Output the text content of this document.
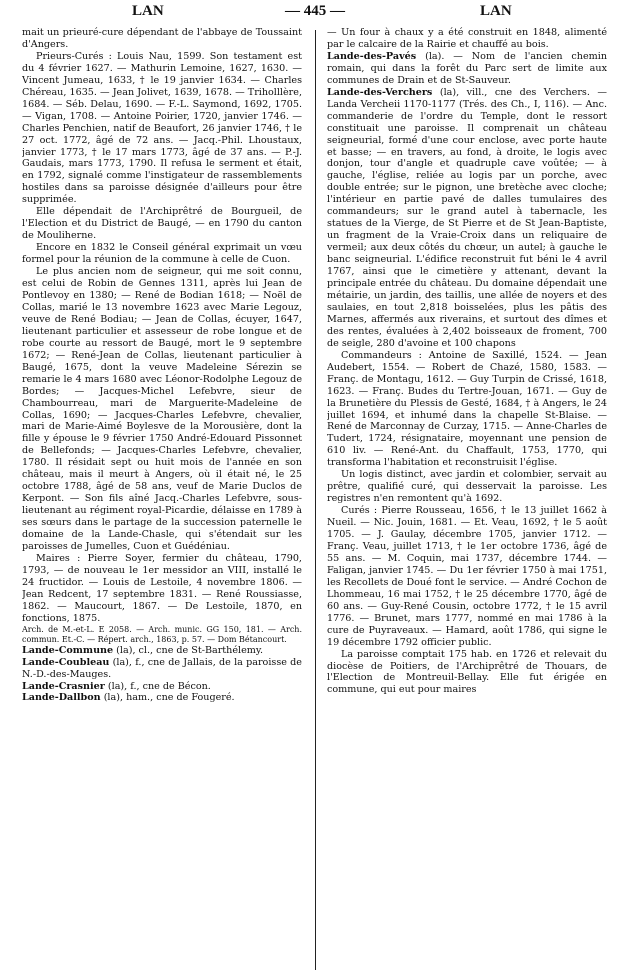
LAN	— 445 —	LAN

mait un prieuré-cure dépendant de l'abbaye de Toussaint d'Angers.

Prieurs-Curés : Louis Nau, 1599. Son testament est du 4 février 1627. — Mathurin Lemoine, 1627, 1630. — Vincent Jumeau, 1633, † le 19 janvier 1634. — Charles Chéreau, 1635. — Jean Jolivet, 1639, 1678. — Triholllère, 1684. — Séb. Delau, 1690. — F.-L. Saymond, 1692, 1705. — Vigan, 1708. — Antoine Poirier, 1720, janvier 1746. — Charles Penchien, natif de Beaufort, 26 janvier 1746, † le 27 oct. 1772, âgé de 72 ans. — Jacq.-Phil. Lhoustaux, janvier 1773, † le 17 mars 1773, âgé de 37 ans. — P.-J. Gaudais, mars 1773, 1790. Il refusa le serment et était, en 1792, signalé comme l'instigateur de rassemblements hostiles dans sa paroisse désignée d'ailleurs pour être supprimée.

Elle dépendait de l'Archiprêtré de Bourgueil, de l'Election et du District de Baugé, — en 1790 du canton de Mouliherne.

Encore en 1832 le Conseil général exprimait un vœu formel pour la réunion de la commune à celle de Cuon.

Le plus ancien nom de seigneur, qui me soit connu, est celui de Robin de Gennes 1311, après lui Jean de Pontlevoy en 1380; — René de Bodian 1618; — Noël de Collas, marié le 13 novembre 1623 avec Marie Legouz, veuve de René Bodiau; — Jean de Collas, écuyer, 1647, lieutenant particulier et assesseur de robe longue et de robe courte au ressort de Baugé, mort le 9 septembre 1672; — René-Jean de Collas, lieutenant particulier à Baugé, 1675, dont la veuve Madeleine Sérezin se remarie le 4 mars 1680 avec Léonor-Rodolphe Legouz de Bordes; — Jacques-Michel Lefebvre, sieur de Chambourreau, mari de Marguerite-Madeleine de Collas, 1690; — Jacques-Charles Lefebvre, chevalier, mari de Marie-Aimé Boylesve de la Morousière, dont la fille y épouse le 9 février 1750 André-Edouard Pissonnet de Bellefonds; — Jacques-Charles Lefebvre, chevalier, 1780. Il résidait sept ou huit mois de l'année en son château, mais il meurt à Angers, où il était né, le 25 octobre 1788, âgé de 58 ans, veuf de Marie Duclos de Kerpont. — Son fils aîné Jacq.-Charles Lefebvre, sous-lieutenant au régiment royal-Picardie, délaisse en 1789 à ses sœurs dans le partage de la succession paternelle le domaine de la Lande-Chasle, qui s'étendait sur les paroisses de Jumelles, Cuon et Guédéniau.

Maires : Pierre Soyer, fermier du château, 1790, 1793, — de nouveau le 1er messidor an VIII, installé le 24 fructidor. — Louis de Lestoile, 4 novembre 1806. — Jean Redcent, 17 septembre 1831. — René Roussiasse, 1862. — Maucourt, 1867. — De Lestoile, 1870, en fonctions, 1875.

Arch. de M.-et-L. E 2058. — Arch. munic. GG 150, 181. — Arch. commun. Et.-C. — Répert. arch., 1863, p. 57. — Dom Bétancourt.

Lande-Commune (la), cl., cne de St-Barthélemy.

Lande-Coubleau (la), f., cne de Jallais, de la paroisse de N.-D.-des-Mauges.

Lande-Crasnier (la), f., cne de Bécon.

Lande-Dallbon (la), ham., cne de Fougeré.

— Un four à chaux y a été construit en 1848, alimenté par le calcaire de la Rairie et chauffé au bois.

Lande-des-Pavés (la). — Nom de l'ancien chemin romain, qui dans la forêt du Parc sert de limite aux communes de Drain et de St-Sauveur.

Lande-des-Verchers (la), vill., cne des Verchers. — Landa Vercheii 1170-1177 (Trés. des Ch., I, 116). — Anc. commanderie de l'ordre du Temple, dont le ressort constituait une paroisse. Il comprenait un château seigneurial, formé d'une cour enclose, avec porte haute et basse; — en travers, au fond, à droite, le logis avec donjon, tour d'angle et quadruple cave voûtée; — à gauche, l'église, reliée au logis par un porche, avec double entrée; sur le pignon, une bretèche avec cloche; l'intérieur en partie pavé de dalles tumulaires des commandeurs; sur le grand autel à tabernacle, les statues de la Vierge, de St Pierre et de St Jean-Baptiste, un fragment de la Vraie-Croix dans un reliquaire de vermeil; aux deux côtés du chœur, un autel; à gauche le banc seigneurial. L'édifice reconstruit fut béni le 4 avril 1767, ainsi que le cimetière y attenant, devant la principale entrée du château. Du domaine dépendait une métairie, un jardin, des taillis, une allée de noyers et des saulaies, en tout 2,818 boisselées, plus les pâtis des Marnes, affermés aux riverains, et surtout des dîmes et des rentes, évaluées à 2,402 boisseaux de froment, 700 de seigle, 280 d'avoine et 100 chapons

Commandeurs : Antoine de Saxillé, 1524. — Jean Audebert, 1554. — Robert de Chazé, 1580, 1583. — Franç. de Montagu, 1612. — Guy Turpin de Crissé, 1618, 1623. — Franç. Budes du Tertre-Jouan, 1671. — Guy de la Brunetière du Plessis de Gesté, 1684, † à Angers, le 24 juillet 1694, et inhumé dans la chapelle St-Blaise. — René de Marconnay de Curzay, 1715. — Anne-Charles de Tudert, 1724, résignataire, moyennant une pension de 610 liv. — René-Ant. du Chaffault, 1753, 1770, qui transforma l'habitation et reconstruisit l'église.

Un logis distinct, avec jardin et colombier, servait au prêtre, qualifié curé, qui desservait la paroisse. Les registres n'en remontent qu'à 1692.

Curés : Pierre Rousseau, 1656, † le 13 juillet 1662 à Nueil. — Nic. Jouin, 1681. — Et. Veau, 1692, † le 5 août 1705. — J. Gaulay, décembre 1705, janvier 1712. — Franç. Veau, juillet 1713, † le 1er octobre 1736, âgé de 55 ans. — M. Coquin, mai 1737, décembre 1744. — Faligan, janvier 1745. — Du 1er février 1750 à mai 1751, les Recollets de Doué font le service. — André Cochon de Lhommeau, 16 mai 1752, † le 25 décembre 1770, âgé de 60 ans. — Guy-René Cousin, octobre 1772, † le 15 avril 1776. — Brunet, mars 1777, nommé en mai 1786 à la cure de Puyraveaux. — Hamard, août 1786, qui signe le 19 décembre 1792 officier public.

La paroisse comptait 175 hab. en 1726 et relevait du diocèse de Poitiers, de l'Archiprêtré de Thouars, de l'Election de Montreuil-Bellay. Elle fut érigée en commune, qui eut pour maires
